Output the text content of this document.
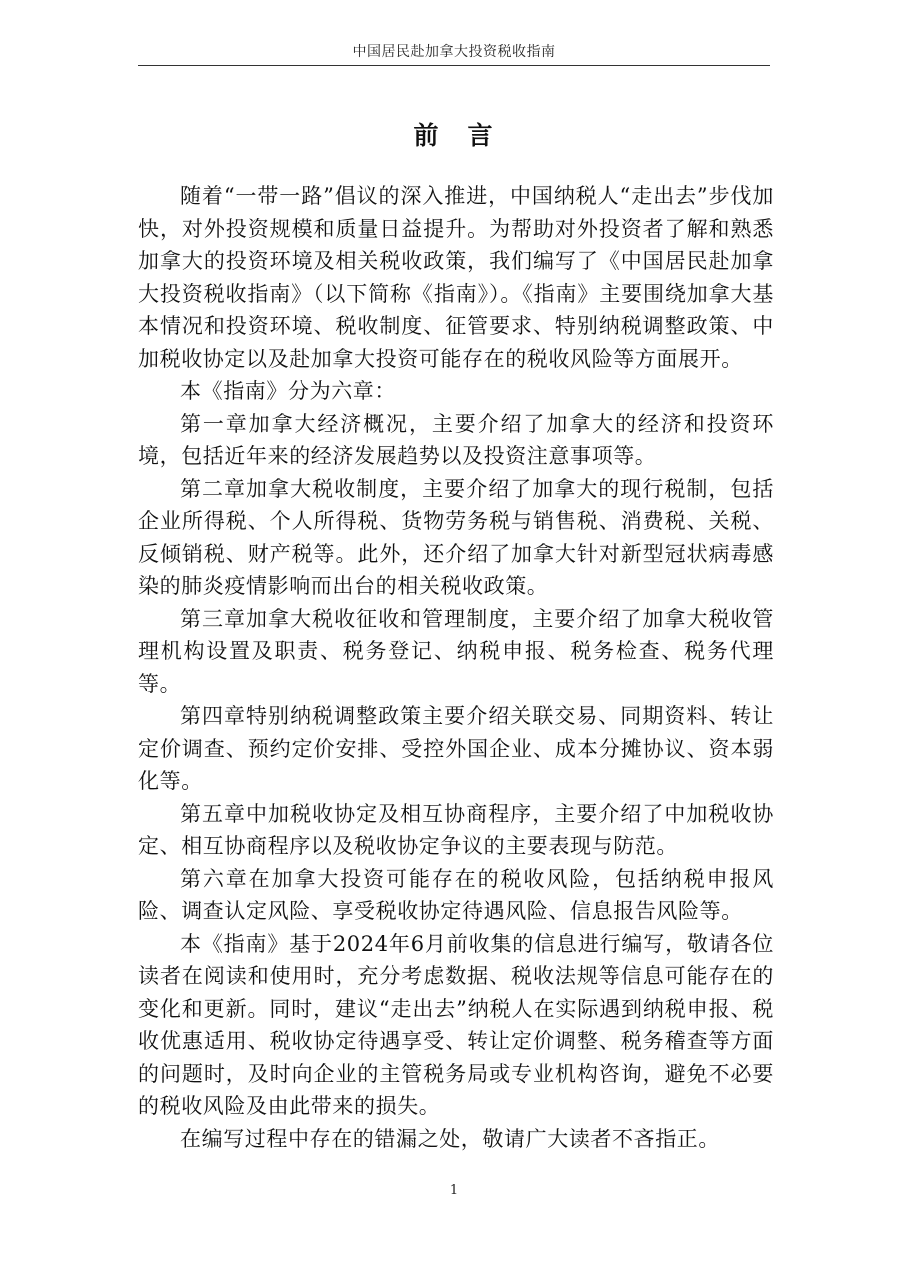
中国居民赴加拿大投资税收指南
前　言

随着“一带一路”倡议的深入推进，中国纳税人“走出去”步伐加快，对外投资规模和质量日益提升。为帮助对外投资者了解和熟悉加拿大的投资环境及相关税收政策，我们编写了《中国居民赴加拿大投资税收指南》（以下简称《指南》）。《指南》主要围绕加拿大基本情况和投资环境、税收制度、征管要求、特别纳税调整政策、中加税收协定以及赴加拿大投资可能存在的税收风险等方面展开。

本《指南》分为六章：

第一章加拿大经济概况，主要介绍了加拿大的经济和投资环境，包括近年来的经济发展趋势以及投资注意事项等。

第二章加拿大税收制度，主要介绍了加拿大的现行税制，包括企业所得税、个人所得税、货物劳务税与销售税、消费税、关税、反倾销税、财产税等。此外，还介绍了加拿大针对新型冠状病毒感染的肺炎疫情影响而出台的相关税收政策。

第三章加拿大税收征收和管理制度，主要介绍了加拿大税收管理机构设置及职责、税务登记、纳税申报、税务检查、税务代理等。

第四章特别纳税调整政策主要介绍关联交易、同期资料、转让定价调查、预约定价安排、受控外国企业、成本分摊协议、资本弱化等。

第五章中加税收协定及相互协商程序，主要介绍了中加税收协定、相互协商程序以及税收协定争议的主要表现与防范。

第六章在加拿大投资可能存在的税收风险，包括纳税申报风险、调查认定风险、享受税收协定待遇风险、信息报告风险等。

本《指南》基于2024年6月前收集的信息进行编写，敬请各位读者在阅读和使用时，充分考虑数据、税收法规等信息可能存在的变化和更新。同时，建议“走出去”纳税人在实际遇到纳税申报、税收优惠适用、税收协定待遇享受、转让定价调整、税务稽查等方面的问题时，及时向企业的主管税务局或专业机构咨询，避免不必要的税收风险及由此带来的损失。

在编写过程中存在的错漏之处，敬请广大读者不吝指正。

1
